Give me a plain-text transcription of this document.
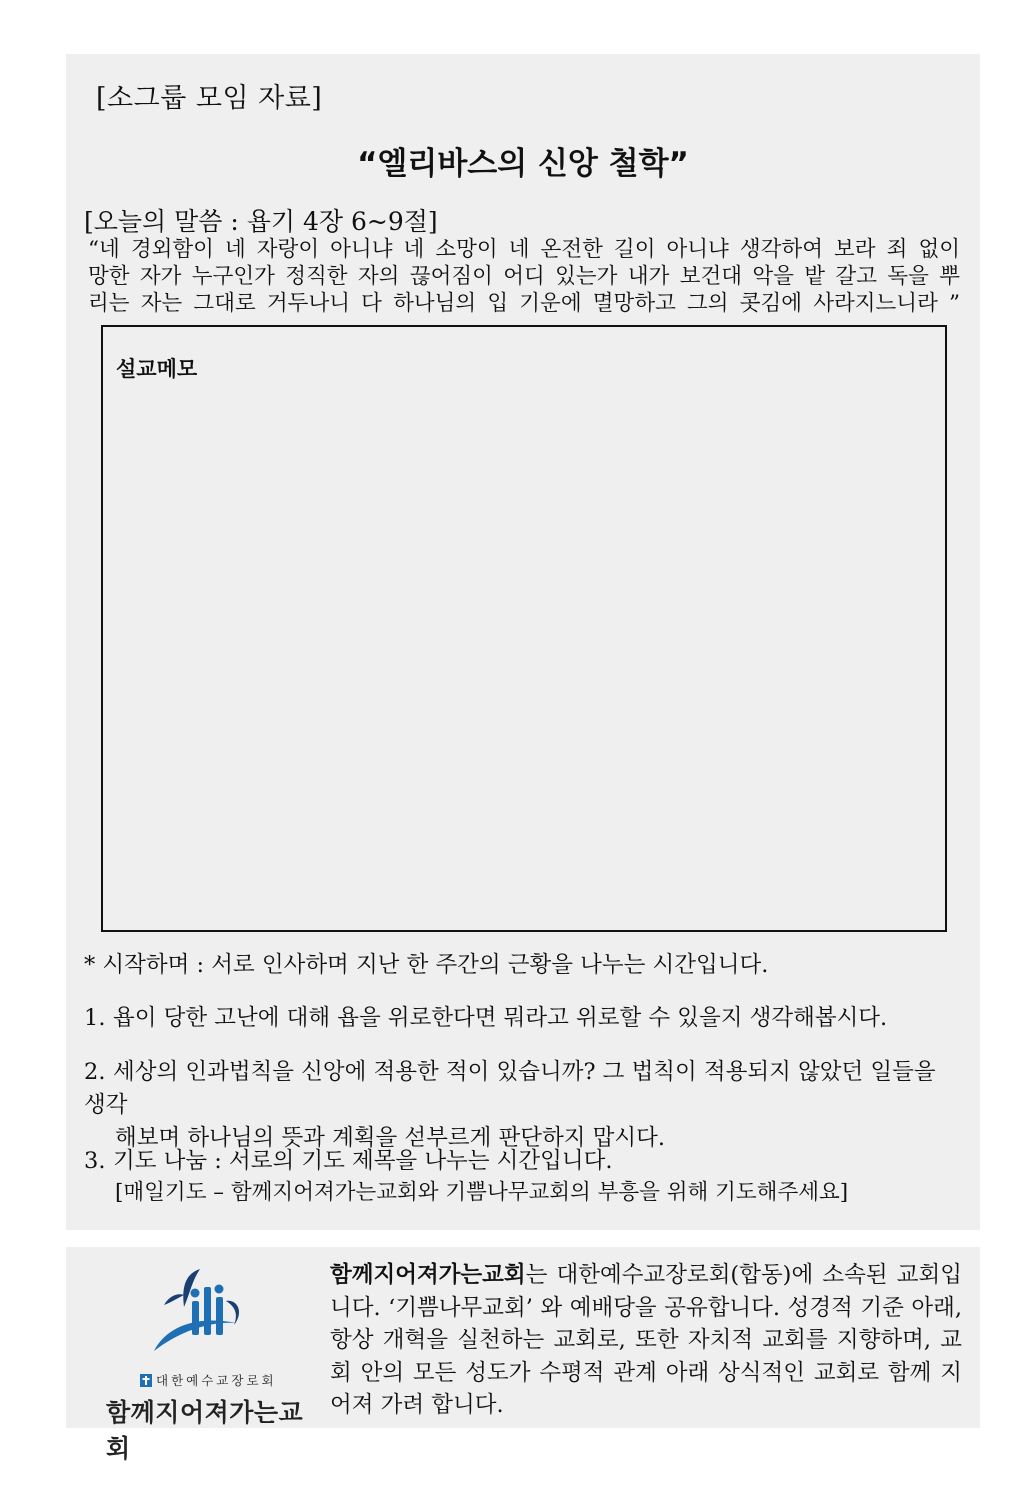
[소그룹 모임 자료]
“엘리바스의 신앙 철학”
[오늘의 말씀 : 욥기 4장 6~9절]
“네 경외함이 네 자랑이 아니냐 네 소망이 네 온전한 길이 아니냐 생각하여 보라 죄 없이
망한 자가 누구인가 정직한 자의 끊어짐이 어디 있는가 내가 보건대 악을 밭 갈고 독을 뿌
리는 자는 그대로 거두나니 다 하나님의 입 기운에 멸망하고 그의 콧김에 사라지느니라 ”
설교메모
* 시작하며 : 서로 인사하며 지난 한 주간의 근황을 나누는 시간입니다.
1. 욥이 당한 고난에 대해 욥을 위로한다면 뭐라고 위로할 수 있을지 생각해봅시다.
2. 세상의 인과법칙을 신앙에 적용한 적이 있습니까? 그 법칙이 적용되지 않았던 일들을 생각
해보며 하나님의 뜻과 계획을 섣부르게 판단하지 맙시다.
3. 기도 나눔 : 서로의 기도 제목을 나누는 시간입니다.
[매일기도 – 함께지어져가는교회와 기쁨나무교회의 부흥을 위해 기도해주세요]
대한예수교장로회
함께지어져가는교회
함께지어져가는교회는 대한예수교장로회(합동)에 소속된 교회입니다. ‘기쁨나무교회’ 와 예배당을 공유합니다. 성경적 기준 아래, 항상 개혁을 실천하는 교회로, 또한 자치적 교회를 지향하며, 교회 안의 모든 성도가 수평적 관계 아래 상식적인 교회로 함께 지어져 가려 합니다.
